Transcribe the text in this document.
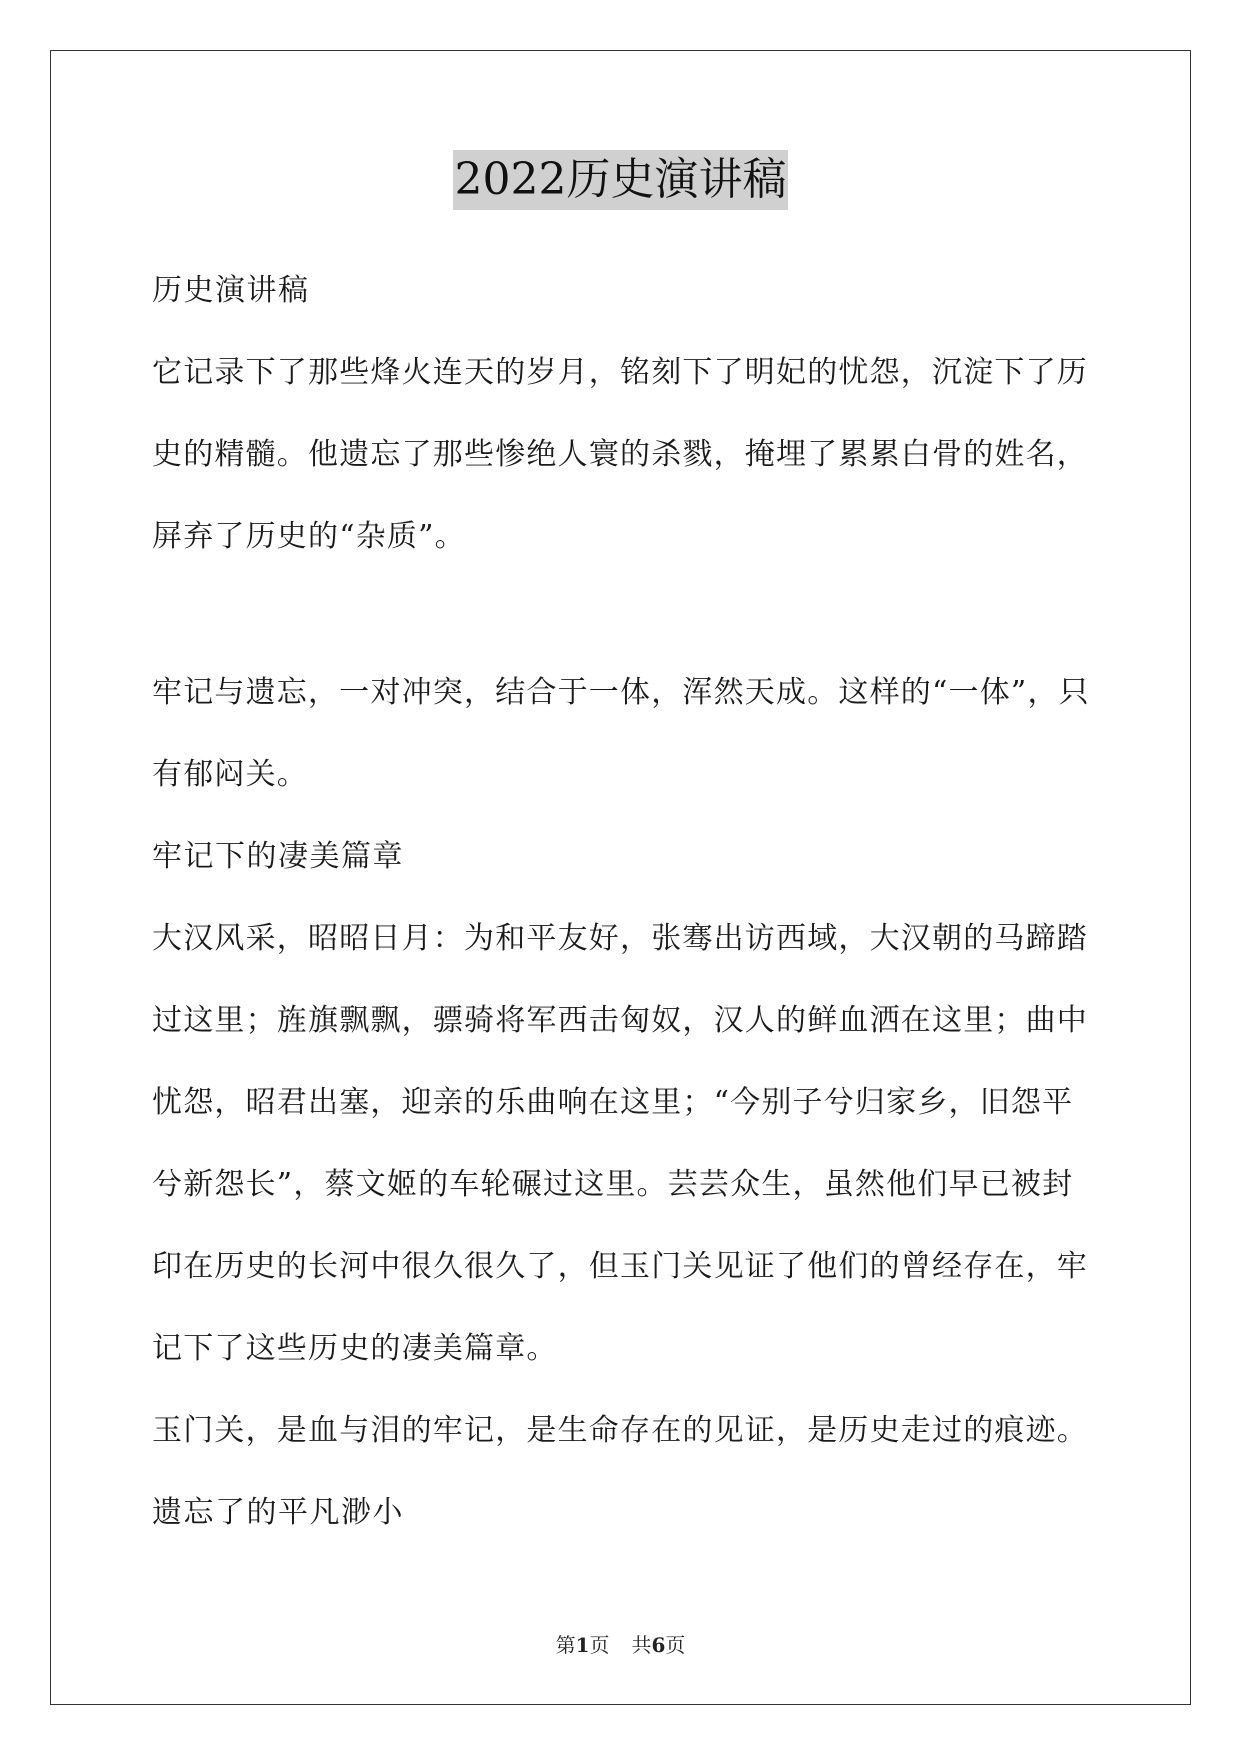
2022历史演讲稿

历史演讲稿

它记录下了那些烽火连天的岁月，铭刻下了明妃的忧怨，沉淀下了历史的精髓。他遗忘了那些惨绝人寰的杀戮，掩埋了累累白骨的姓名，屏弃了历史的“杂质”。

牢记与遗忘，一对冲突，结合于一体，浑然天成。这样的“一体”，只有郁闷关。

牢记下的凄美篇章

大汉风采，昭昭日月：为和平友好，张骞出访西域，大汉朝的马蹄踏过这里；旌旗飘飘，骠骑将军西击匈奴，汉人的鲜血洒在这里；曲中忧怨，昭君出塞，迎亲的乐曲响在这里；“今别子兮归家乡，旧怨平兮新怨长”，蔡文姬的车轮碾过这里。芸芸众生，虽然他们早已被封印在历史的长河中很久很久了，但玉门关见证了他们的曾经存在，牢记下了这些历史的凄美篇章。

玉门关，是血与泪的牢记，是生命存在的见证，是历史走过的痕迹。

遗忘了的平凡渺小

第1页 共6页
